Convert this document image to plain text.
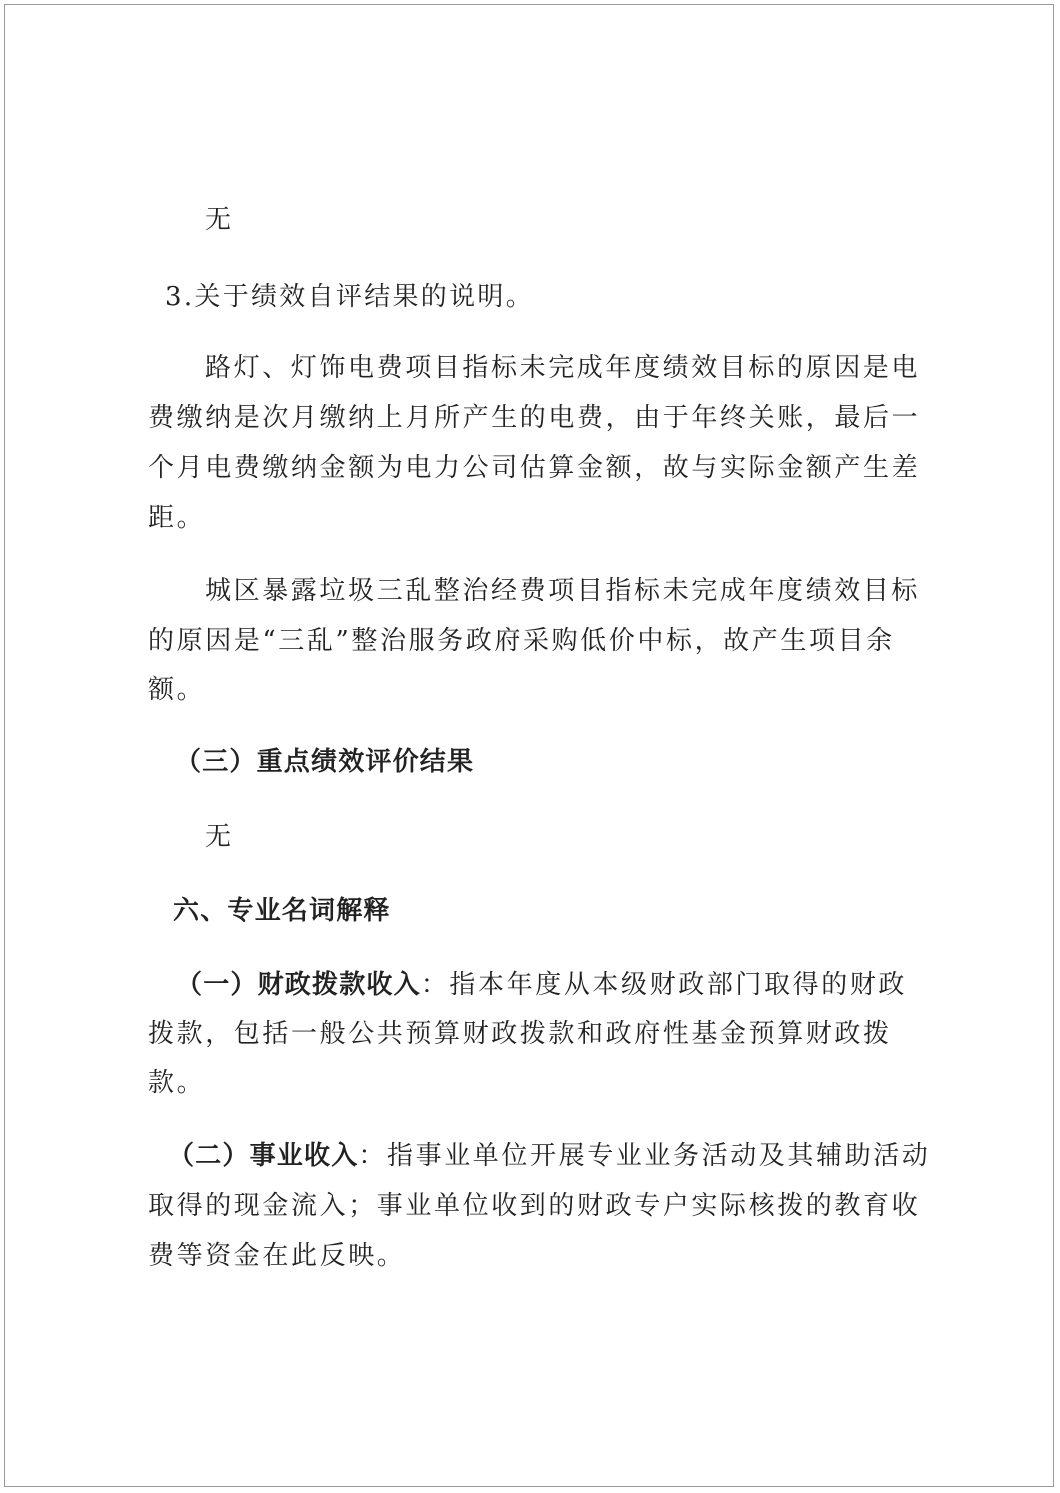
无
3.关于绩效自评结果的说明。
路灯、灯饰电费项目指标未完成年度绩效目标的原因是电
费缴纳是次月缴纳上月所产生的电费，由于年终关账，最后一
个月电费缴纳金额为电力公司估算金额，故与实际金额产生差
距。
城区暴露垃圾三乱整治经费项目指标未完成年度绩效目标
的原因是“三乱”整治服务政府采购低价中标，故产生项目余
额。
（三）重点绩效评价结果
无
六、专业名词解释
（一）财政拨款收入：指本年度从本级财政部门取得的财政
拨款，包括一般公共预算财政拨款和政府性基金预算财政拨
款。
（二）事业收入：指事业单位开展专业业务活动及其辅助活动
取得的现金流入；事业单位收到的财政专户实际核拨的教育收
费等资金在此反映。
